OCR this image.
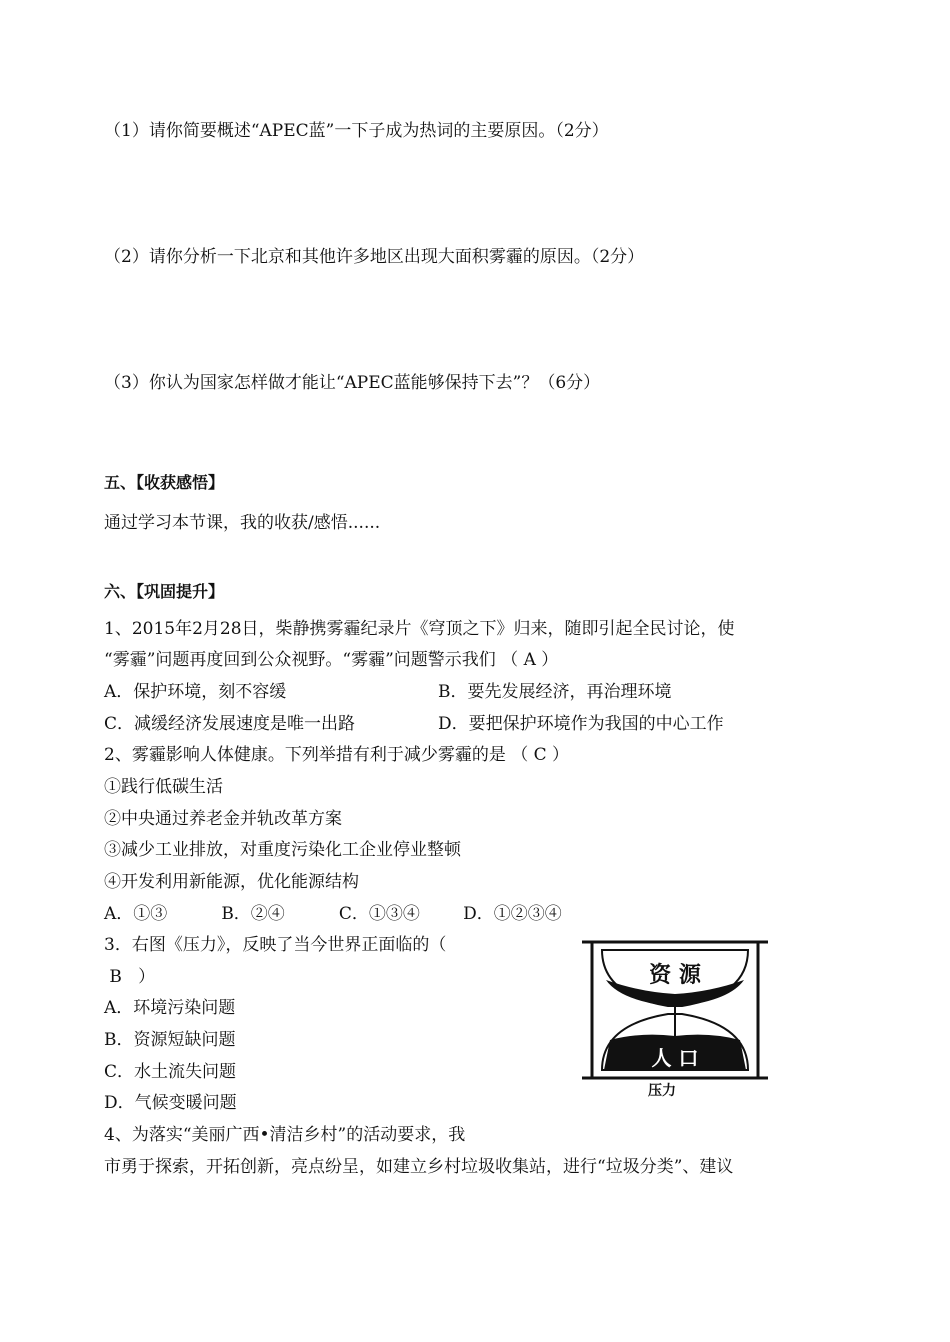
（1）请你简要概述“APEC蓝”一下子成为热词的主要原因。（2分）
（2）请你分析一下北京和其他许多地区出现大面积雾霾的原因。（2分）
（3）你认为国家怎样做才能让“APEC蓝能够保持下去”？（6分）
五、【收获感悟】
通过学习本节课，我的收获/感悟......
六、【巩固提升】
1、2015年2月28日，柴静携雾霾纪录片《穹顶之下》归来，随即引起全民讨论，使
“雾霾”问题再度回到公众视野。“雾霾”问题警示我们 （ A ）
A．保护环境，刻不容缓	B．要先发展经济，再治理环境
C．减缓经济发展速度是唯一出路	D．要把保护环境作为我国的中心工作
2、雾霾影响人体健康。下列举措有利于减少雾霾的是 （ C ）
①践行低碳生活
②中央通过养老金并轨改革方案
③减少工业排放，对重度污染化工企业停业整顿
④开发利用新能源，优化能源结构
A．①③          B．②④          C．①③④        D．①②③④
3．右图《压力》，反映了当今世界正面临的（
B   ）
A．环境污染问题
B．资源短缺问题
C．水土流失问题
D．气候变暖问题
资 源
人 口
压力
4、为落实“美丽广西•清洁乡村”的活动要求，我
市勇于探索，开拓创新，亮点纷呈，如建立乡村垃圾收集站，进行“垃圾分类”、建议
